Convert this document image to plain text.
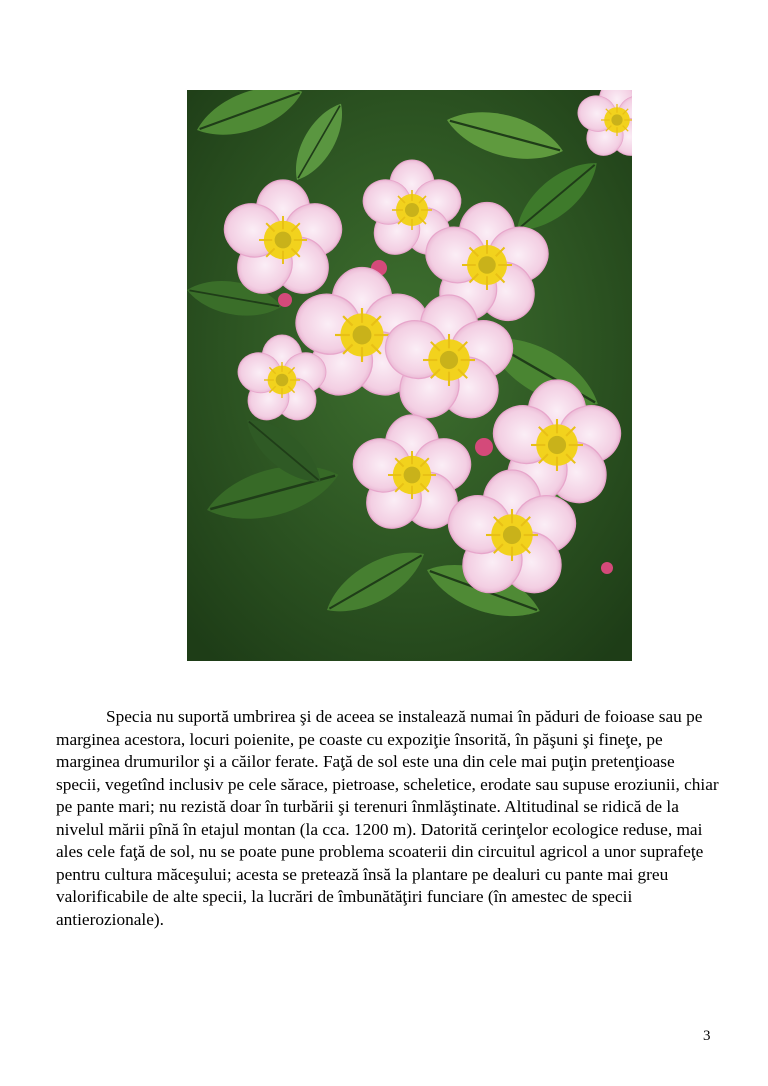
Specia nu suportă umbrirea şi de aceea se instalează numai în păduri de foioase sau pe marginea acestora, locuri poienite, pe coaste cu expoziţie însorită, în păşuni şi fineţe, pe marginea drumurilor şi a căilor ferate. Faţă de sol este una din cele mai puţin pretenţioase specii, vegetînd inclusiv pe cele sărace, pietroase, scheletice, erodate sau supuse eroziunii, chiar pe pante mari; nu rezistă doar în turbării şi terenuri înmlăştinate. Altitudinal se ridică de la nivelul mării pînă în etajul montan (la cca. 1200 m). Datorită cerinţelor ecologice reduse, mai ales cele faţă de sol, nu se poate pune problema scoaterii din circuitul agricol a unor suprafeţe pentru cultura măceşului; acesta se pretează însă la plantare pe dealuri cu pante mai greu valorificabile de alte specii, la lucrări de îmbunătăţiri funciare (în amestec de specii antierozionale).

3
